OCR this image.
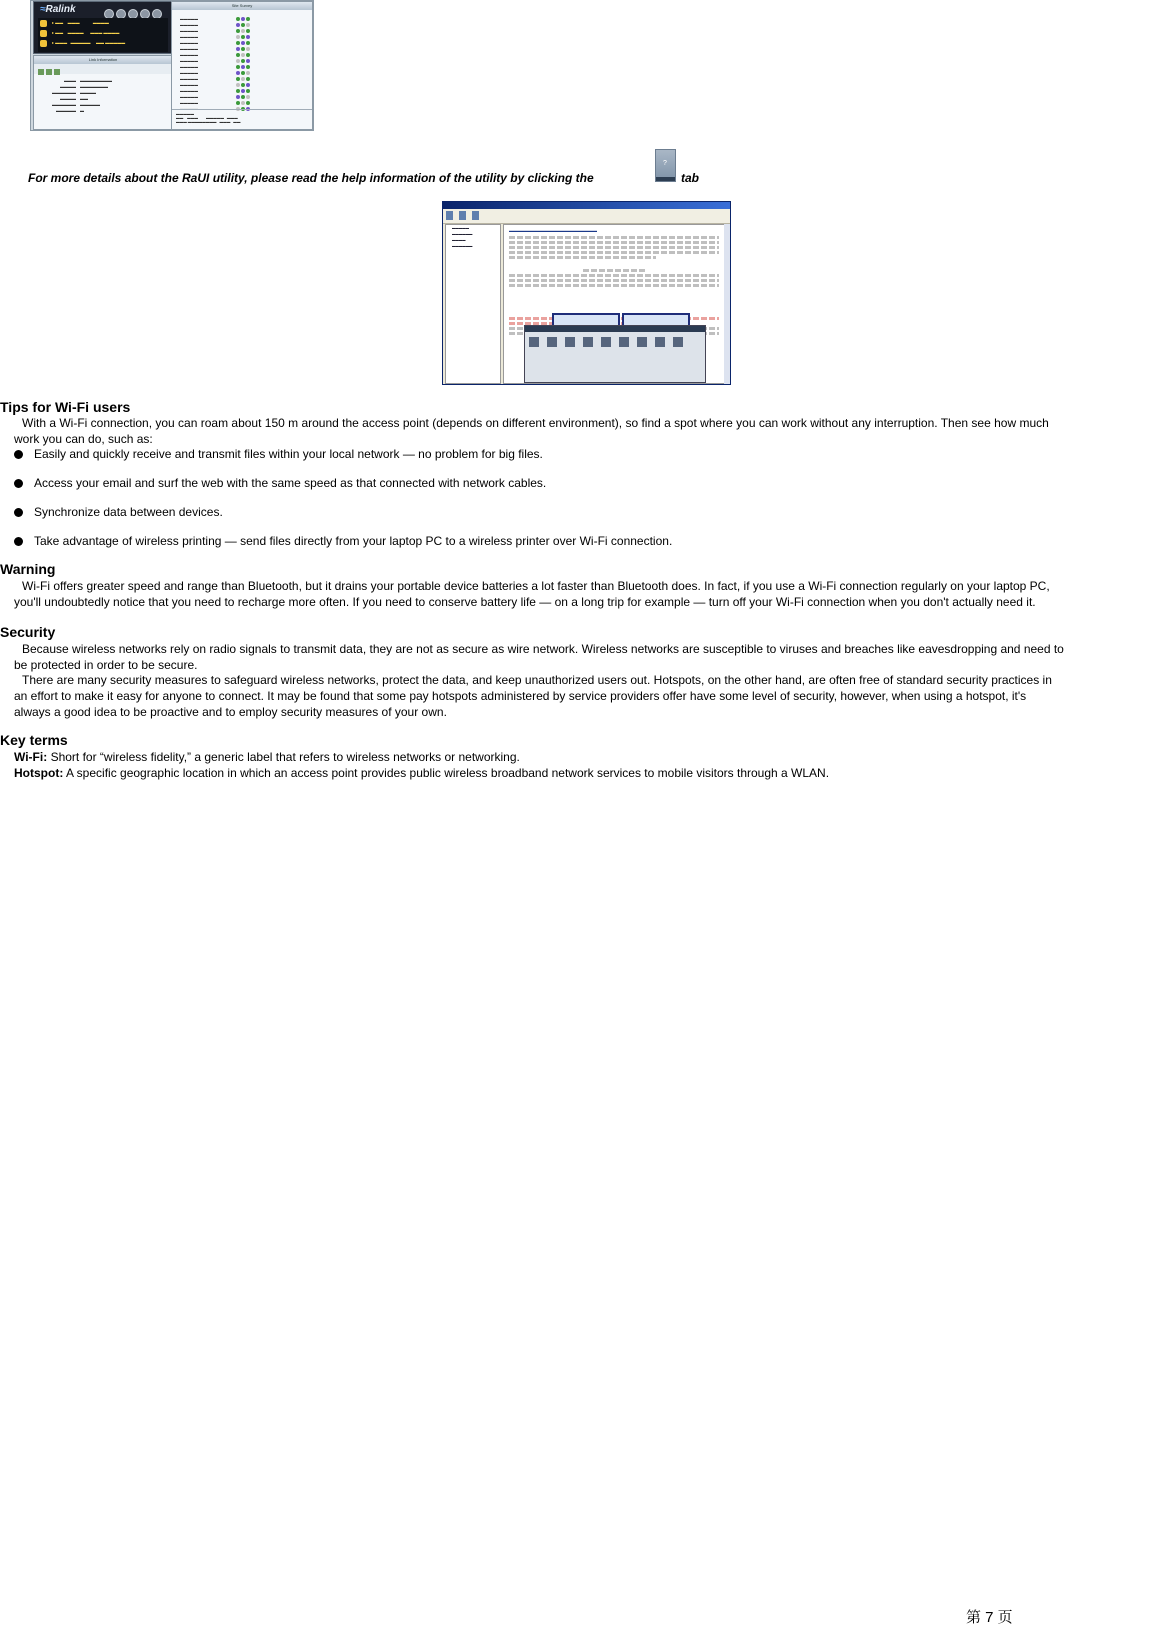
≈Ralink
▸ ▬▬    ▬▬▬            ▬▬▬▬
▸ ▬▬    ▬▬▬▬      ▬▬▬ ▬▬▬▬
▸ ▬▬▬   ▬▬▬▬▬     ▬▬ ▬▬▬▬▬
Link Information
▬▬▬ ▬▬▬▬▬▬▬▬
▬▬▬▬ ▬▬▬▬▬▬▬
▬▬▬▬▬▬ ▬▬▬▬
▬▬▬▬ ▬▬
▬▬▬▬▬▬ ▬▬▬▬▬
▬▬▬▬▬ ▬
Site Survey
▬▬▬▬▬
▬▬▬▬▬
▬▬▬▬▬
▬▬▬▬▬
▬▬▬▬▬
▬▬▬▬▬
▬▬▬▬▬
▬▬▬▬▬
▬▬▬▬▬
▬▬▬▬▬
▬▬▬▬▬
▬▬▬▬▬
▬▬▬▬▬
▬▬▬▬▬
▬▬▬▬▬
▬▬▬▬▬
▬▬▬▬▬
▬▬    ▬▬▬        ▬▬▬▬▬   ▬▬▬
▬▬▬ ▬▬▬▬▬▬▬▬   ▬▬▬   ▬▬
For more details about the RaUI utility, please read the help information of the utility by clicking the
?	tab
▬▬▬▬▬
▬▬▬▬▬▬
▬▬▬▬
▬▬▬▬▬▬
▬▬▬▬▬▬▬▬▬▬▬▬▬▬▬▬▬▬▬▬▬▬

Tips for Wi-Fi users
With a Wi-Fi connection, you can roam about 150 m around the access point (depends on different environment), so find a spot where you can work without any interruption. Then see how much
work you can do, such as:
Easily and quickly receive and transmit files within your local network — no problem for big files.
Access your email and surf the web with the same speed as that connected with network cables.
Synchronize data between devices.
Take advantage of wireless printing — send files directly from your laptop PC to a wireless printer over Wi-Fi connection.
Warning
Wi-Fi offers greater speed and range than Bluetooth, but it drains your portable device batteries a lot faster than Bluetooth does. In fact, if you use a Wi-Fi connection regularly on your laptop PC,
you'll undoubtedly notice that you need to recharge more often. If you need to conserve battery life — on a long trip for example — turn off your Wi-Fi connection when you don't actually need it.
Security
Because wireless networks rely on radio signals to transmit data, they are not as secure as wire network. Wireless networks are susceptible to viruses and breaches like eavesdropping and need to
be protected in order to be secure.
There are many security measures to safeguard wireless networks, protect the data, and keep unauthorized users out. Hotspots, on the other hand, are often free of standard security practices in
an effort to make it easy for anyone to connect. It may be found that some pay hotspots administered by service providers offer have some level of security, however, when using a hotspot, it's
always a good idea to be proactive and to employ security measures of your own.
Key terms
Wi-Fi: Short for “wireless fidelity,” a generic label that refers to wireless networks or networking.
Hotspot: A specific geographic location in which an access point provides public wireless broadband network services to mobile visitors through a WLAN.
第 7 页
